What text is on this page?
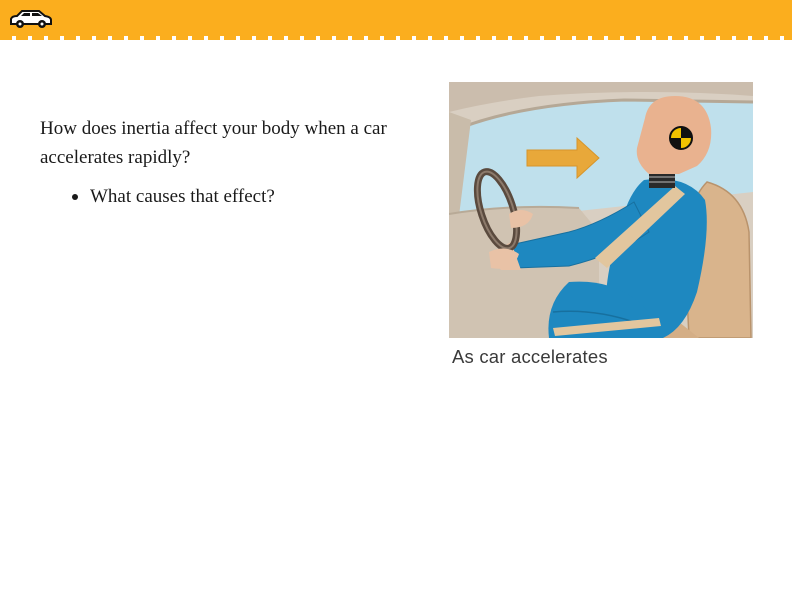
How does inertia affect your body when a car accelerates rapidly?

What causes that effect?

As car accelerates
